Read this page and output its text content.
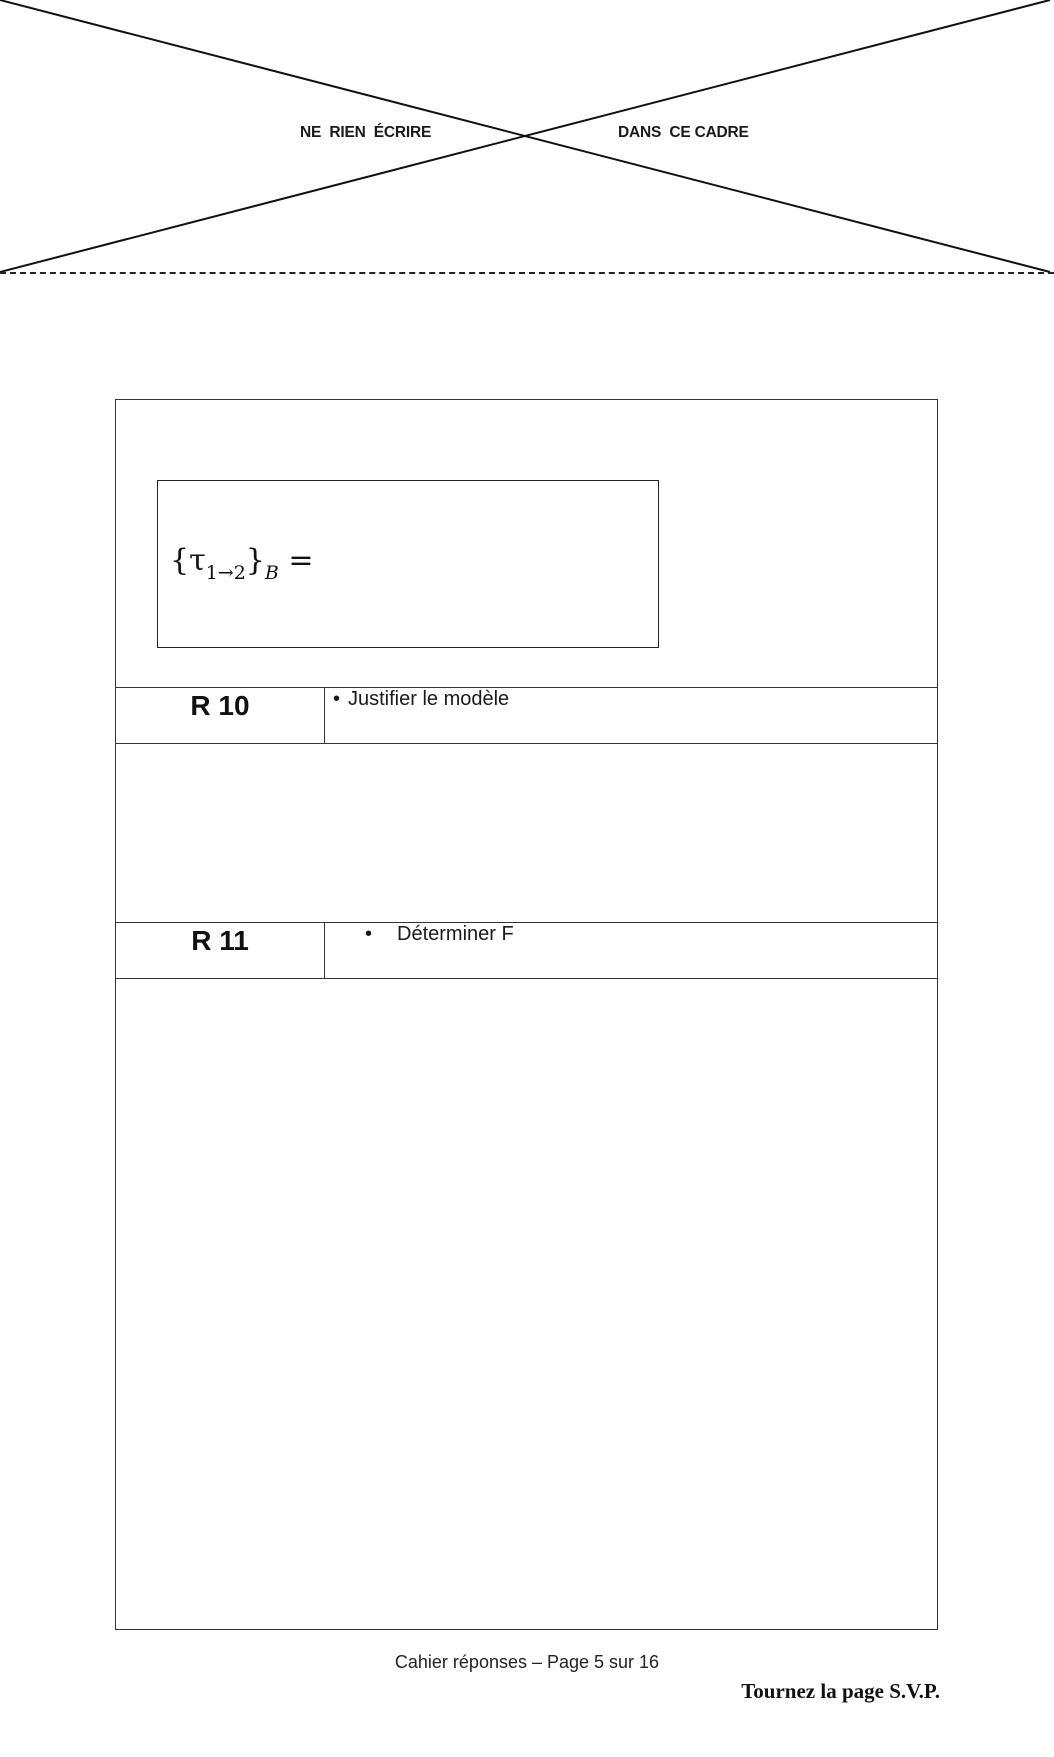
NE  RIEN  ÉCRIRE	DANS  CE CADRE
$\{\tau_{1\to 2}\}_B$ =
R 10	• Justifier le modèle
R 11	• Déterminer F
Cahier réponses – Page 5 sur 16
Tournez la page S.V.P.
